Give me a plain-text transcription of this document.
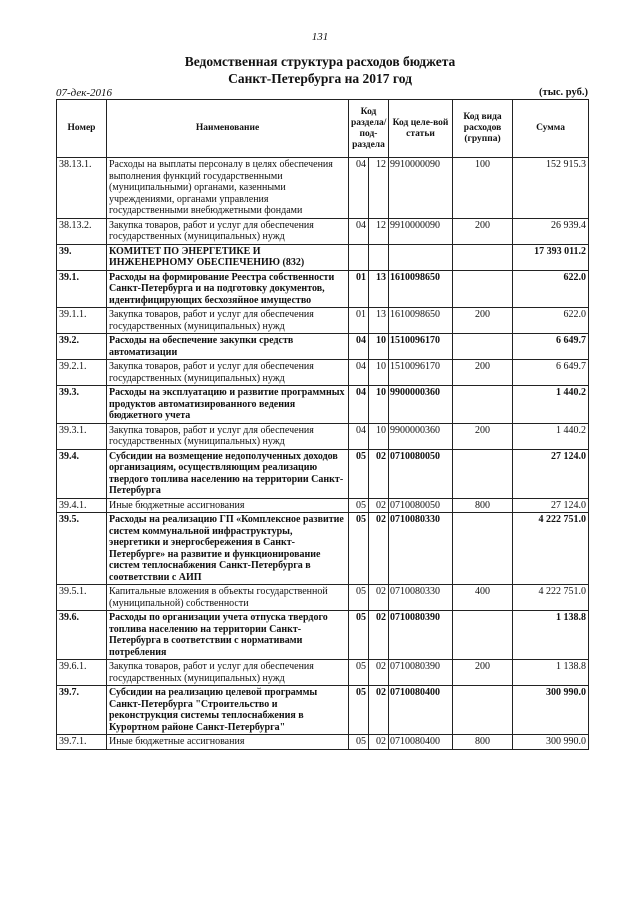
131
Ведомственная структура расходов бюджета
Санкт-Петербурга на 2017 год
07-дек-2016	(тыс. руб.)
Номер	Наименование	Код раздела/ под-раздела		Код целе-вой статьи	Код вида расходов (группа)	Сумма
38.13.1.	Расходы на выплаты персоналу в целях обеспечения выполнения функций государственными (муниципальными) органами, казенными учреждениями, органами управления государственными внебюджетными фондами	04	12	9910000090	100	152 915.3
38.13.2.	Закупка товаров, работ и услуг для обеспечения государственных (муниципальных) нужд	04	12	9910000090	200	26 939.4
39.	КОМИТЕТ ПО ЭНЕРГЕТИКЕ И ИНЖЕНЕРНОМУ ОБЕСПЕЧЕНИЮ (832)					17 393 011.2
39.1.	Расходы на формирование Реестра собственности Санкт-Петербурга и на подготовку документов, идентифицирующих бесхозяйное имущество	01	13	1610098650		622.0
39.1.1.	Закупка товаров, работ и услуг для обеспечения государственных (муниципальных) нужд	01	13	1610098650	200	622.0
39.2.	Расходы на обеспечение закупки средств автоматизации	04	10	1510096170		6 649.7
39.2.1.	Закупка товаров, работ и услуг для обеспечения государственных (муниципальных) нужд	04	10	1510096170	200	6 649.7
39.3.	Расходы на эксплуатацию и развитие программных продуктов автоматизированного ведения бюджетного учета	04	10	9900000360		1 440.2
39.3.1.	Закупка товаров, работ и услуг для обеспечения государственных (муниципальных) нужд	04	10	9900000360	200	1 440.2
39.4.	Субсидии на возмещение недополученных доходов организациям, осуществляющим реализацию твердого топлива населению на территории Санкт-Петербурга	05	02	0710080050		27 124.0
39.4.1.	Иные бюджетные ассигнования	05	02	0710080050	800	27 124.0
39.5.	Расходы на реализацию ГП «Комплексное развитие систем коммунальной инфраструктуры, энергетики и энергосбережения в Санкт-Петербурге» на развитие и функционирование систем теплоснабжения Санкт-Петербурга в соответствии с АИП	05	02	0710080330		4 222 751.0
39.5.1.	Капитальные вложения в объекты государственной (муниципальной) собственности	05	02	0710080330	400	4 222 751.0
39.6.	Расходы по организации учета отпуска твердого топлива населению на территории Санкт-Петербурга в соответствии с нормативами потребления	05	02	0710080390		1 138.8
39.6.1.	Закупка товаров, работ и услуг для обеспечения государственных (муниципальных) нужд	05	02	0710080390	200	1 138.8
39.7.	Субсидии на реализацию целевой программы Санкт-Петербурга "Строительство и реконструкция системы теплоснабжения в Курортном районе Санкт-Петербурга"	05	02	0710080400		300 990.0
39.7.1.	Иные бюджетные ассигнования	05	02	0710080400	800	300 990.0
